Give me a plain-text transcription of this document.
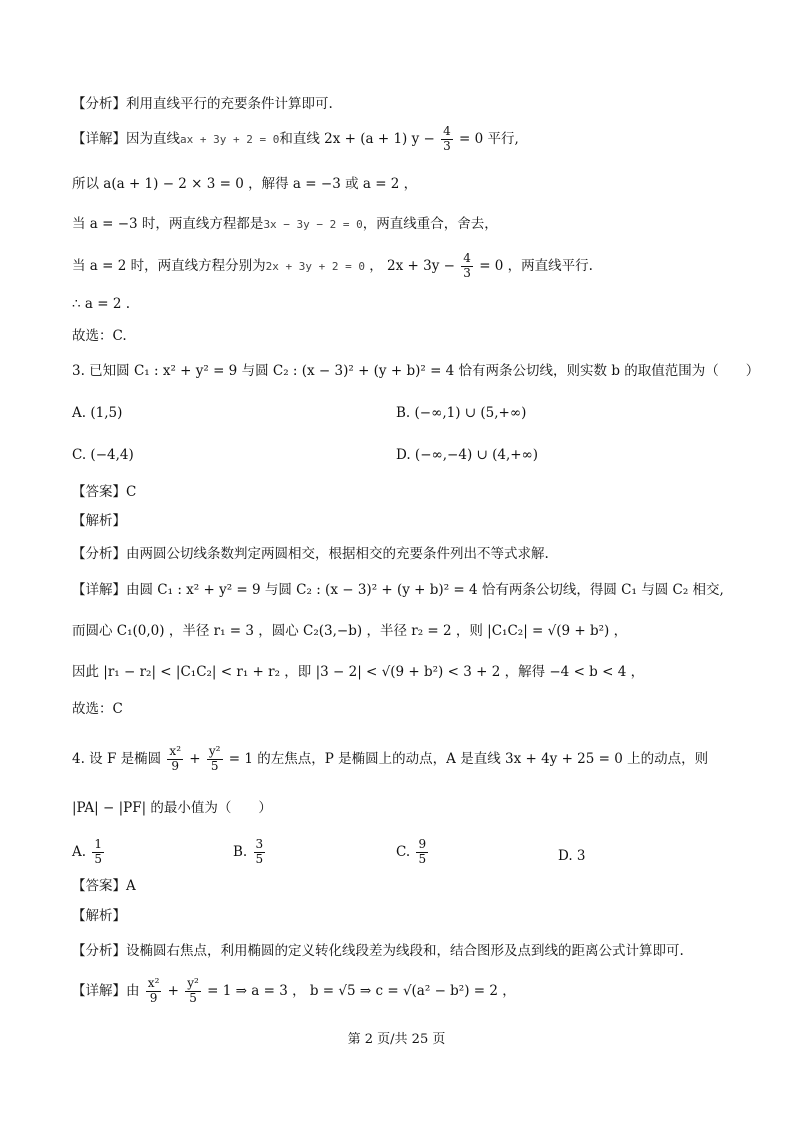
【分析】利用直线平行的充要条件计算即可.
【详解】因为直线ax + 3y + 2 = 0和直线 2x + (a + 1) $y - \frac{4}{3} = 0$ 平行,
所以 a(a + 1) − 2 × 3 = 0 ，解得 a = −3 或 a = 2 ，
当 a = −3 时，两直线方程都是3x − 3y − 2 = 0，两直线重合，舍去，
当 a = 2 时，两直线方程分别为2x + 3y + 2 = 0 ， $2x + 3y - \frac{4}{3} = 0$ ，两直线平行.
∴ a = 2 .
故选：C.
3. 已知圆 C₁ : x² + y² = 9 与圆 C₂ : (x − 3)² + (y + b)² = 4 恰有两条公切线，则实数 b 的取值范围为（　　）
A. (1,5)	B. (−∞,1) ∪ (5,+∞)
C. (−4,4)	D. (−∞,−4) ∪ (4,+∞)
【答案】C
【解析】
【分析】由两圆公切线条数判定两圆相交，根据相交的充要条件列出不等式求解.
【详解】由圆 C₁ : x² + y² = 9 与圆 C₂ : (x − 3)² + (y + b)² = 4 恰有两条公切线，得圆 C₁ 与圆 C₂ 相交,
而圆心 C₁(0,0) ，半径 r₁ = 3 ，圆心 C₂(3,−b) ，半径 r₂ = 2 ，则 |C₁C₂| = √(9 + b²) ，
因此 |r₁ − r₂| < |C₁C₂| < r₁ + r₂ ，即 |3 − 2| < √(9 + b²) < 3 + 2 ，解得 −4 < b < 4 ，
故选：C
4. 设 F 是椭圆 $\frac{\text{x²}}{9} + \frac{\text{y²}}{5} = 1$ 的左焦点，P 是椭圆上的动点，A 是直线 3x + 4y + 25 = 0 上的动点，则
|PA| − |PF| 的最小值为（　　）
A. $\frac{1}{5}$	B. $\frac{3}{5}$	C. $\frac{9}{5}$	D. 3
【答案】A
【解析】
【分析】设椭圆右焦点，利用椭圆的定义转化线段差为线段和，结合图形及点到线的距离公式计算即可.
【详解】由 $\frac{\text{x²}}{9} + \frac{\text{y²}}{5} = 1$ ⇒ a = 3 ， b = √5 ⇒ c = √(a² − b²) = 2 ，
第 2 页/共 25 页
